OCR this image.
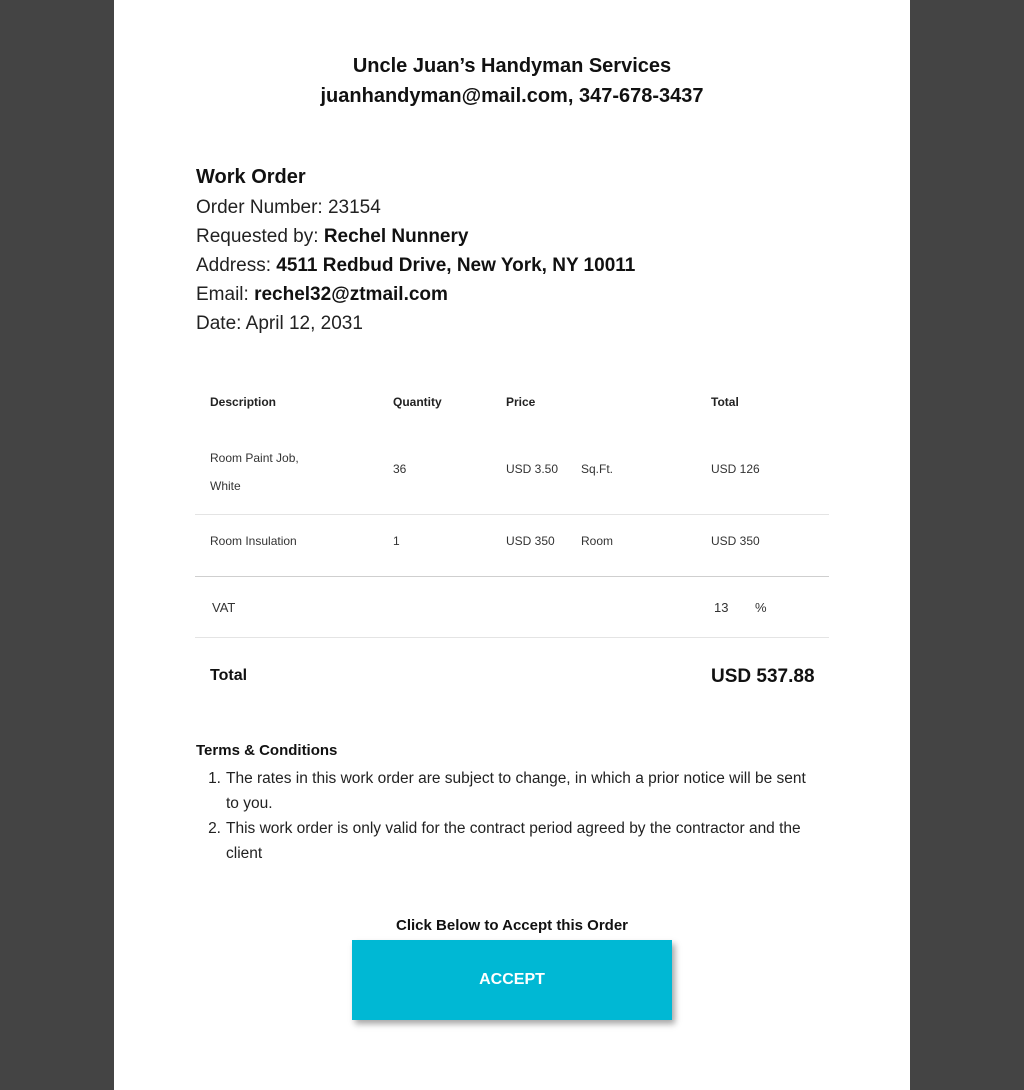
Uncle Juan’s Handyman Services
juanhandyman@mail.com, 347-678-3437
Work Order
Order Number: 23154
Requested by: Rechel Nunnery
Address: 4511 Redbud Drive, New York, NY 10011
Email: rechel32@ztmail.com
Date: April 12, 2031
Description	Quantity	Price	Total
Room Paint Job,
White
36	USD 3.50 Sq.Ft.	USD 126
Room Insulation	1	USD 350 Room	USD 350
VAT	13 %
Total	USD 537.88
Terms & Conditions
1. The rates in this work order are subject to change, in which a prior notice will be sent
to you.
2. This work order is only valid for the contract period agreed by the contractor and the
client
Click Below to Accept this Order
ACCEPT
